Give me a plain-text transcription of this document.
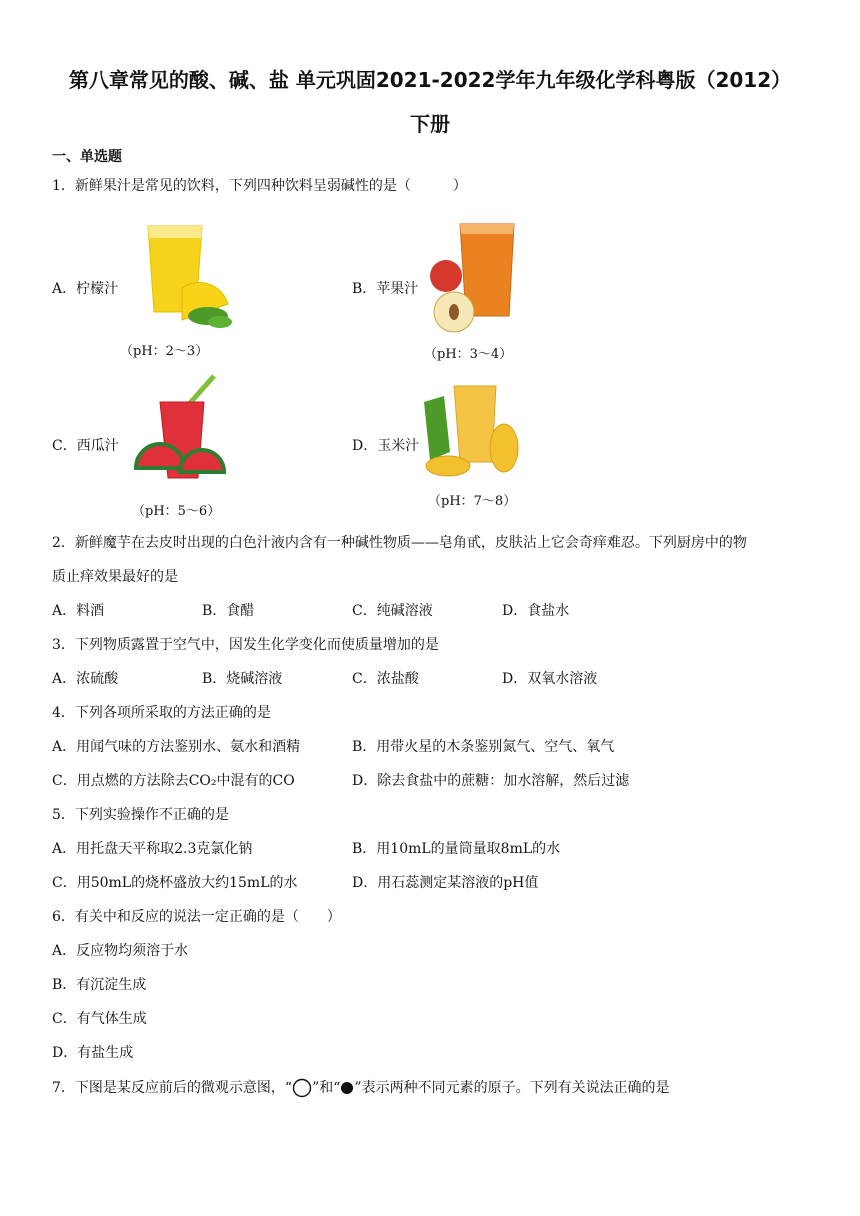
第八章常见的酸、碱、盐 单元巩固2021-2022学年九年级化学科粤版（2012）
下册
一、单选题
1．新鲜果汁是常见的饮料，下列四种饮料呈弱碱性的是（　　　）
A．柠檬汁
（pH：2～3）
B．苹果汁
（pH：3～4）
C．西瓜汁
（pH：5～6）
D．玉米汁
（pH：7～8）
2．新鲜魔芋在去皮时出现的白色汁液内含有一种碱性物质——皂角甙，皮肤沾上它会奇痒难忍。下列厨房中的物
质止痒效果最好的是
A．料酒	B．食醋	C．纯碱溶液	D．食盐水
3．下列物质露置于空气中，因发生化学变化而使质量增加的是
A．浓硫酸	B．烧碱溶液	C．浓盐酸	D．双氧水溶液
4．下列各项所采取的方法正确的是
A．用闻气味的方法鉴别水、氨水和酒精	B．用带火星的木条鉴别氮气、空气、氧气
C．用点燃的方法除去CO₂中混有的CO	D．除去食盐中的蔗糖：加水溶解，然后过滤
5．下列实验操作不正确的是
A．用托盘天平称取2.3克氯化钠	B．用10mL的量筒量取8mL的水
C．用50mL的烧杯盛放大约15mL的水	D．用石蕊测定某溶液的pH值
6．有关中和反应的说法一定正确的是（　　）
A．反应物均须溶于水
B．有沉淀生成
C．有气体生成
D．有盐生成
7．下图是某反应前后的微观示意图，“ ”和“ ”表示两种不同元素的原子。下列有关说法正确的是
